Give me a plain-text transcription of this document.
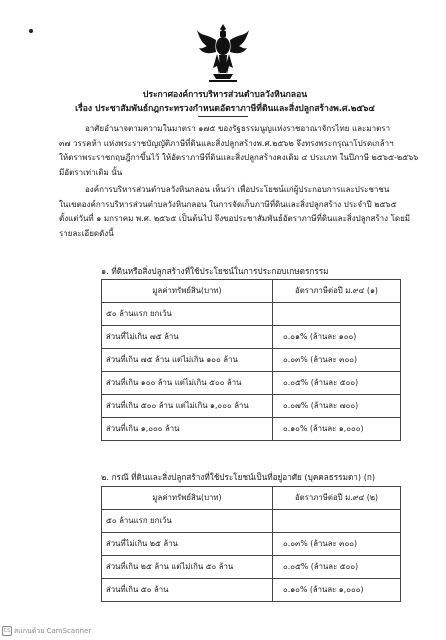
ประกาศองค์การบริหารส่วนตำบลวังหินกลอน
เรื่อง ประชาสัมพันธ์กฎกระทรวงกำหนดอัตราภาษีที่ดินและสิ่งปลูกสร้างพ.ศ.๒๕๖๔
อาศัยอำนาจตามความในมาตรา ๑๗๕ ของรัฐธรรมนูญแห่งราชอาณาจักรไทย และมาตรา
๓๗ วรรคห้า แห่งพระราชบัญญัติภาษีที่ดินและสิ่งปลูกสร้างพ.ศ.๒๕๖๒ จึงทรงพระกรุณาโปรดเกล้าฯ
ให้ตราพระราชกฤษฎีกาขึ้นไว้ ให้อัตราภาษีที่ดินและสิ่งปลูกสร้างคงเดิม ๔ ประเภท ในปีภาษี ๒๕๖๕-๒๕๖๖
มีอัตราเท่าเดิม นั้น
องค์การบริหารส่วนตำบลวังหินกลอน เห็นว่า เพื่อประโยชน์แก่ผู้ประกอบการและประชาชน
ในเขตองค์การบริหารส่วนตำบลวังหินกลอน ในการจัดเก็บภาษีที่ดินและสิ่งปลูกสร้าง ประจำปี ๒๕๖๕
ตั้งแต่วันที่ ๑ มกราคม พ.ศ. ๒๕๖๕ เป็นต้นไป จึงขอประชาสัมพันธ์อัตราภาษีที่ดินและสิ่งปลูกสร้าง โดยมี
รายละเอียดดังนี้
๑. ที่ดินหรือสิ่งปลูกสร้างที่ใช้ประโยชน์ในการประกอบเกษตรกรรม
มูลค่าทรัพย์สิน(บาท)	อัตราภาษีต่อปี ม.๙๔ (๑)
๕๐ ล้านแรก ยกเว้น	
ส่วนที่ไม่เกิน ๗๕ ล้าน	๐.๐๑% (ล้านละ ๑๐๐)
ส่วนที่เกิน ๗๕ ล้าน แต่ไม่เกิน ๑๐๐ ล้าน	๐.๐๓% (ล้านละ ๓๐๐)
ส่วนที่เกิน ๑๐๐ ล้าน แต่ไม่เกิน ๕๐๐ ล้าน	๐.๐๕% (ล้านละ ๕๐๐)
ส่วนที่เกิน ๕๐๐ ล้าน แต่ไม่เกิน ๑,๐๐๐ ล้าน	๐.๐๗% (ล้านละ ๗๐๐)
ส่วนที่เกิน ๑,๐๐๐ ล้าน	๐.๑๐% (ล้านละ ๑,๐๐๐)
๒. กรณี ที่ดินและสิ่งปลูกสร้างที่ใช้ประโยชน์เป็นที่อยู่อาศัย (บุคคลธรรมดา) (ก)
มูลค่าทรัพย์สิน(บาท)	อัตราภาษีต่อปี ม.๙๔ (๒)
๕๐ ล้านแรก ยกเว้น	
ส่วนที่ไม่เกิน ๒๕ ล้าน	๐.๐๓% (ล้านละ ๓๐๐)
ส่วนที่เกิน ๒๕ ล้าน แต่ไม่เกิน ๕๐ ล้าน	๐.๐๕% (ล้านละ ๕๐๐)
ส่วนที่เกิน ๕๐ ล้าน	๐.๑๐% (ล้านละ ๑,๐๐๐)
CS สแกนด้วย CamScanner
